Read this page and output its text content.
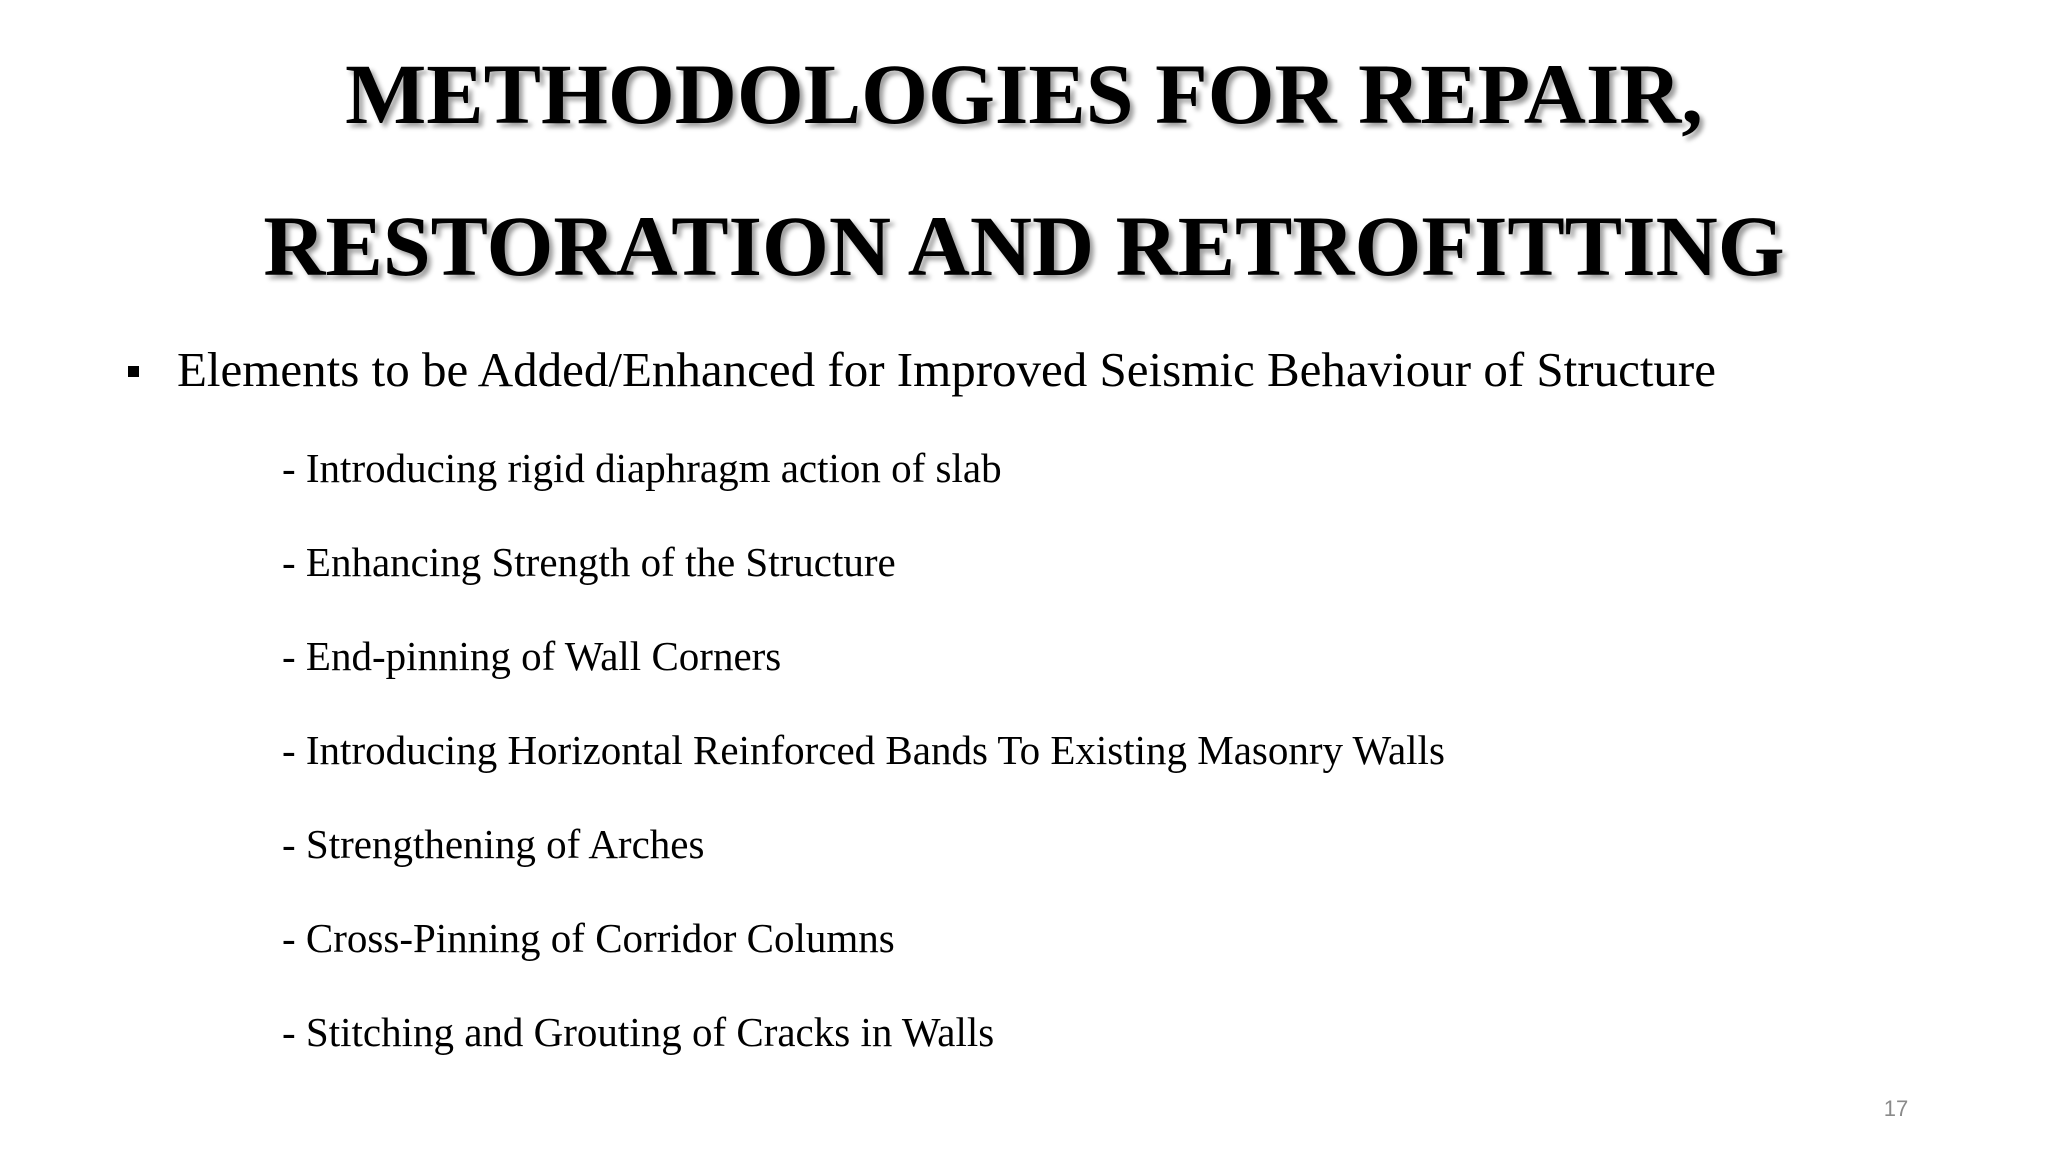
METHODOLOGIES FOR REPAIR,
RESTORATION AND RETROFITTING
Elements to be Added/Enhanced for Improved Seismic Behaviour of Structure
- Introducing rigid diaphragm action of slab
- Enhancing Strength of the Structure
- End-pinning of Wall Corners
- Introducing Horizontal Reinforced Bands To Existing Masonry Walls
- Strengthening of Arches
- Cross-Pinning of Corridor Columns
- Stitching and Grouting of Cracks in Walls
17
